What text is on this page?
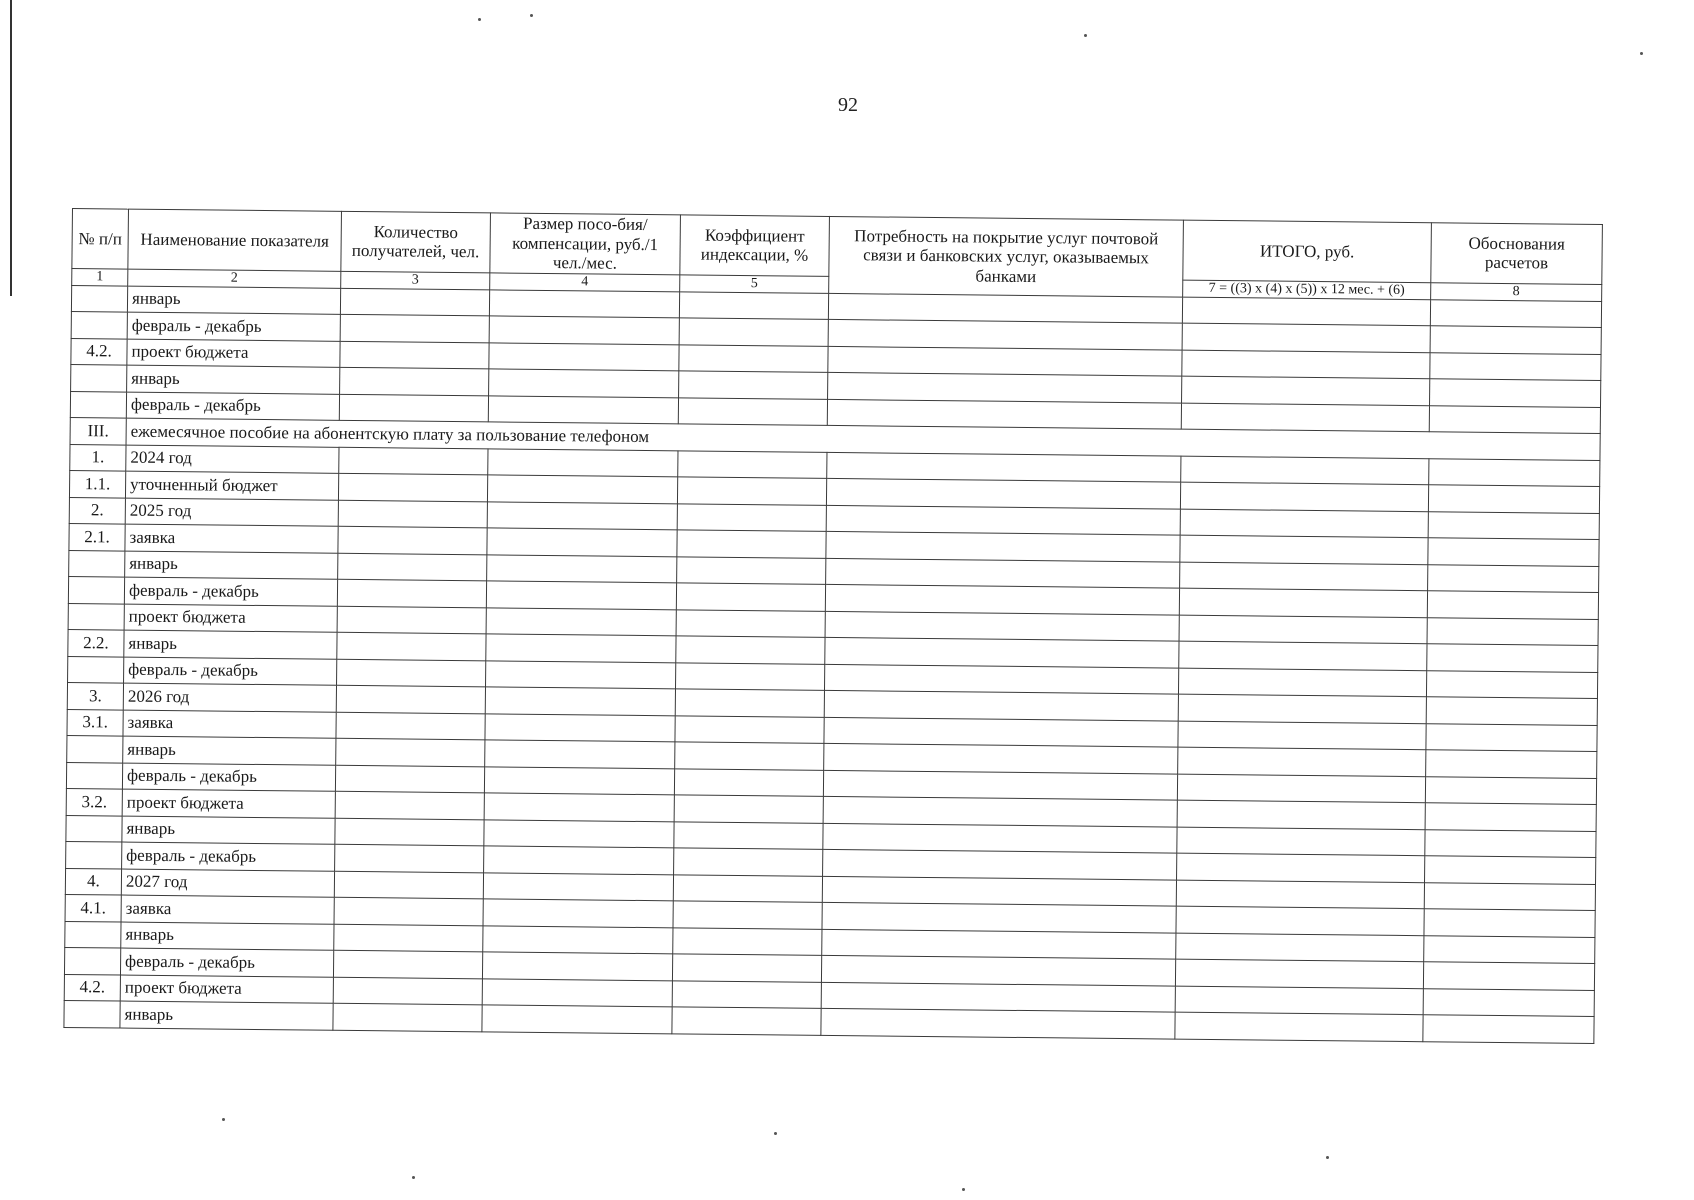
92
№ п/п	Наименование показателя	Количество получателей, чел.	Размер посо-бия/компенсации, руб./1 чел./мес.	Коэффициент индексации, %	Потребность на покрытие услуг почтовой связи и банковских услуг, оказываемых банками	ИТОГО, руб.	Обоснования расчетов
1	2	3	4	5		7 = ((3) x (4) x (5)) x 12 мес. + (6)	8
	январь						
	февраль - декабрь						
4.2.	проект бюджета						
	январь						
	февраль - декабрь						
III.	ежемесячное пособие на абонентскую плату за пользование телефоном						
1.	2024 год						
1.1.	уточненный бюджет						
2.	2025 год						
2.1.	заявка						
	январь						
	февраль - декабрь						
	проект бюджета						
2.2.	январь						
	февраль - декабрь						
3.	2026 год						
3.1.	заявка						
	январь						
	февраль - декабрь						
3.2.	проект бюджета						
	январь						
	февраль - декабрь						
4.	2027 год						
4.1.	заявка						
	январь						
	февраль - декабрь						
4.2.	проект бюджета						
	январь						
